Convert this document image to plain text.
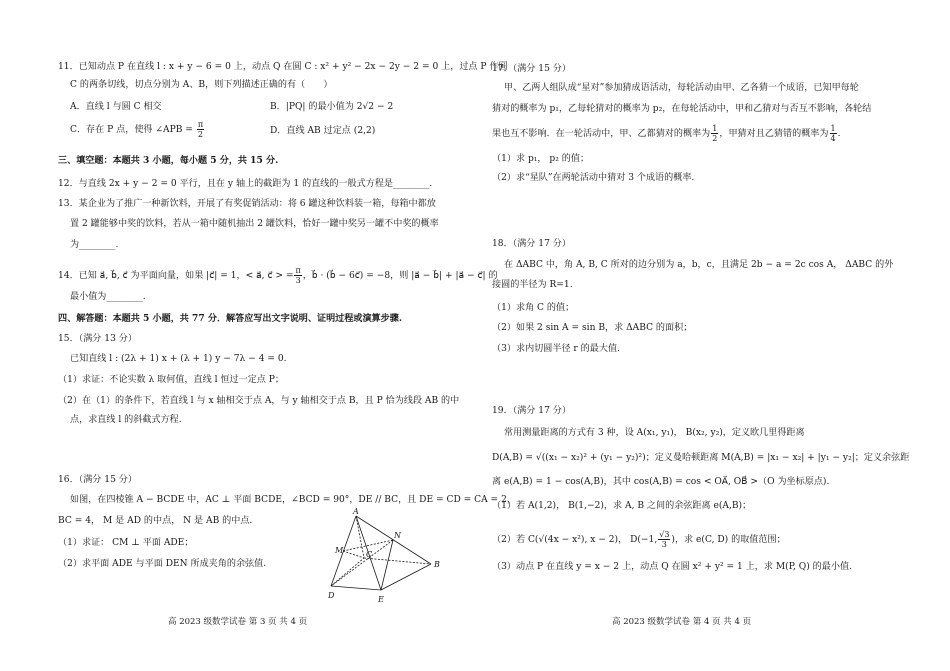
11．已知动点 P 在直线 l : x + y − 6 = 0 上，动点 Q 在圆 C : x² + y² − 2x − 2y − 2 = 0 上，过点 P 作圆
C 的两条切线，切点分别为 A、B，则下列描述正确的有（　　）
A．直线 l 与圆 C 相交	B．|PQ| 的最小值为 2√2 − 2
C．存在 P 点，使得 ∠APB = $\frac{\pi}{2}$	D．直线 AB 过定点 (2,2)
三、填空题：本题共 3 小题，每小题 5 分，共 15 分.
12．与直线 2x + y − 2 = 0 平行，且在 y 轴上的截距为 1 的直线的一般式方程是________.
13．某企业为了推广一种新饮料，开展了有奖促销活动：将 6 罐这种饮料装一箱，每箱中都放
置 2 罐能够中奖的饮料，若从一箱中随机抽出 2 罐饮料，恰好一罐中奖另一罐不中奖的概率
为________.
14．已知 a⃗, b⃗, c⃗ 为平面向量，如果 |c⃗| = 1，< a⃗, c⃗ > = $\frac{\pi}{3}$ ，b⃗ · (b⃗ − 6c⃗) = −8，则 |a⃗ − b⃗| + |a⃗ − c⃗| 的
最小值为________.
四、解答题：本题共 5 小题，共 77 分．解答应写出文字说明、证明过程或演算步骤.
15．（满分 13 分）
已知直线 l : (2λ + 1) x + (λ + 1) y − 7λ − 4 = 0.
（1）求证：不论实数 λ 取何值，直线 l 恒过一定点 P；
（2）在（1）的条件下，若直线 l 与 x 轴相交于点 A，与 y 轴相交于点 B，且 P 恰为线段 AB 的中
点，求直线 l 的斜截式方程.
16．（满分 15 分）
如图，在四棱锥 A − BCDE 中，AC ⊥ 平面 BCDE，∠BCD = 90°，DE // BC，且 DE = CD = CA = 2，
BC = 4， M 是 AD 的中点， N 是 AB 的中点.
（1）求证： CM ⊥ 平面 ADE；
（2）求平面 ADE 与平面 DEN 所成夹角的余弦值.
A
M	C
N
B
D	E
高 2023 级数学试卷 第 3 页 共 4 页
17．（满分 15 分）
甲、乙两人组队成“星对”参加猜成语活动，每轮活动由甲、乙各猜一个成语，已知甲每轮
猜对的概率为 p₁，乙每轮猜对的概率为 p₂，在每轮活动中，甲和乙猜对与否互不影响，各轮结
果也互不影响．在一轮活动中，甲、乙都猜对的概率为 $\frac{1}{2}$ ，甲猜对且乙猜错的概率为 $\frac{1}{4}$ .
（1）求 p₁， p₂ 的值；
（2）求“星队”在两轮活动中猜对 3 个成语的概率.
18．（满分 17 分）
在 ΔABC 中，角 A, B, C 所对的边分别为 a，b，c，且满足 2b − a = 2c cos A， ΔABC 的外
接圆的半径为 R=1.
（1）求角 C 的值；
（2）如果 2 sin A = sin B，求 ΔABC 的面积；
（3）求内切圆半径 r 的最大值.
19．（满分 17 分）
常用测量距离的方式有 3 种，设 A(x₁, y₁)， B(x₂, y₂)，定义欧几里得距离
D(A,B) = √((x₁ − x₂)² + (y₁ − y₂)²)；定义曼哈顿距离 M(A,B) = |x₁ − x₂| + |y₁ − y₂|；定义余弦距
离 e(A,B) = 1 − cos(A,B)，其中 cos(A,B) = cos < OA⃗, OB⃗ >（O 为坐标原点).
（1）若 A(1,2)， B(1,−2)，求 A, B 之间的余弦距离 e(A,B)；
（2）若 C(√(4x − x²), x − 2)， D(−1, $\frac{√3}{3}$ )，求 e(C, D) 的取值范围；
（3）动点 P 在直线 y = x − 2 上，动点 Q 在圆 x² + y² = 1 上，求 M(P, Q) 的最小值.
高 2023 级数学试卷 第 4 页 共 4 页
